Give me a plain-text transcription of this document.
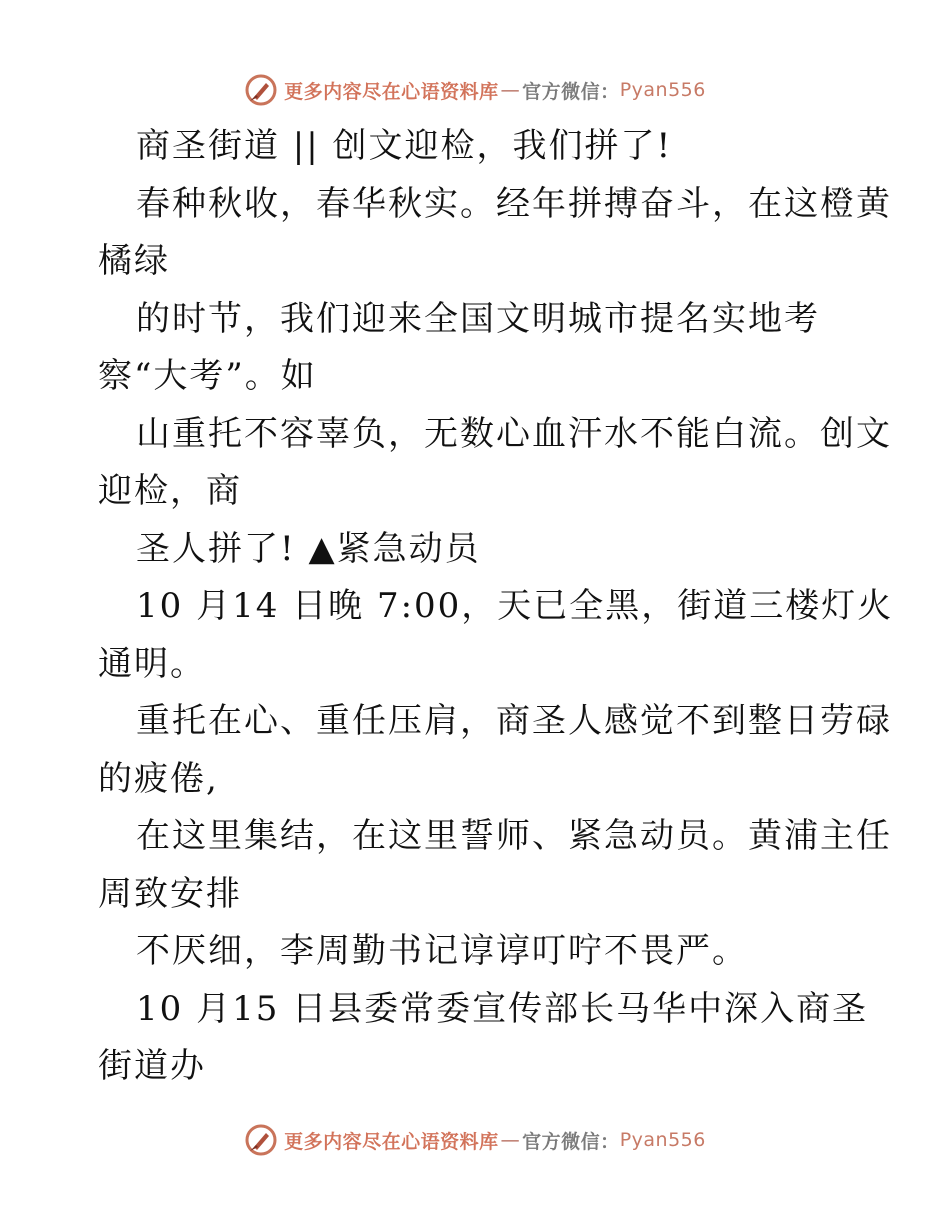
更多内容尽在心语资料库 — 官方微信： Pyan556
商圣街道 || 创文迎检，我们拼了!
春种秋收，春华秋实。经年拼搏奋斗，在这橙黄
橘绿
的时节，我们迎来全国文明城市提名实地考
察“大考”。如
山重托不容辜负，无数心血汗水不能白流。创文
迎检，商
圣人拼了! ▲紧急动员
10 月14 日晚 7:00，天已全黑，街道三楼灯火
通明。
重托在心、重任压肩，商圣人感觉不到整日劳碌
的疲倦,
在这里集结，在这里誓师、紧急动员。黄浦主任
周致安排
不厌细，李周勤书记谆谆叮咛不畏严。
10 月15 日县委常委宣传部长马华中深入商圣
街道办
更多内容尽在心语资料库 — 官方微信： Pyan556
